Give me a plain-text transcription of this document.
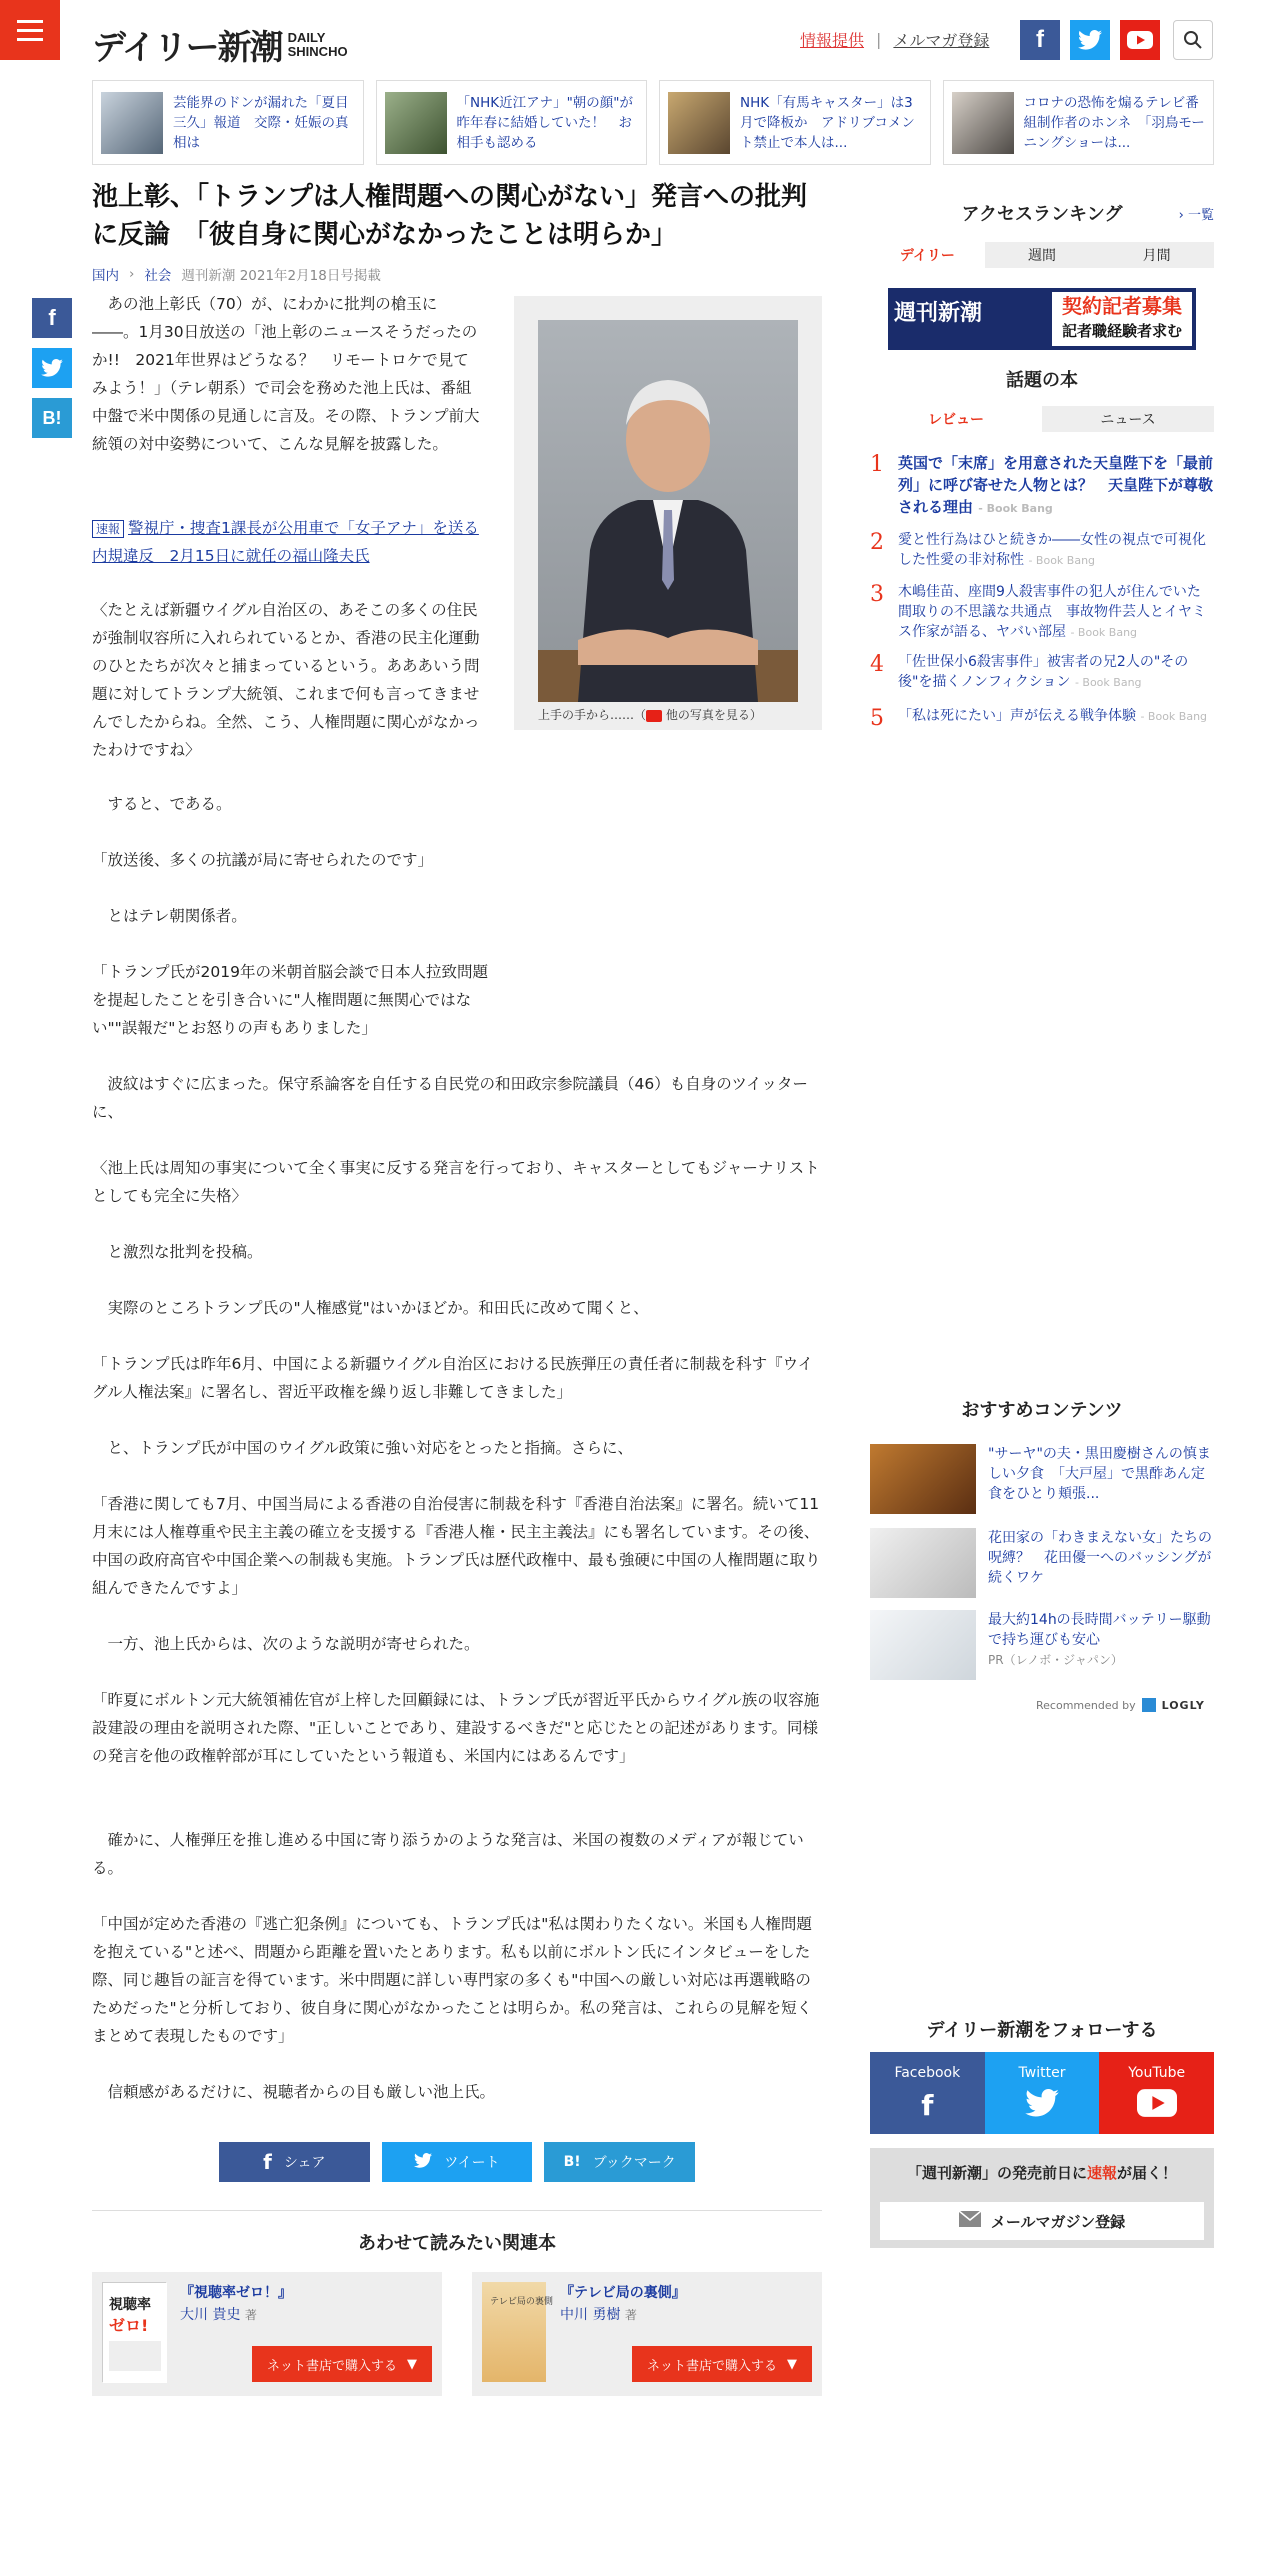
デイリー新潮 DAILY
SHINCHO
情報提供 | メルマガ登録	f
芸能界のドンが漏れた「夏目三久」報道　交際・妊娠の真相は
「NHK近江アナ」"朝の顔"が昨年春に結婚していた！　お相手も認める
NHK「有馬キャスター」は3月で降板か　アドリブコメント禁止で本人は...
コロナの恐怖を煽るテレビ番組制作者のホンネ　「羽鳥モーニングショーは...
f
B!
池上彰、「トランプは人権問題への関心がない」発言への批判に反論　「彼自身に関心がなかったことは明らか」
国内 › 社会 週刊新潮 2021年2月18日号掲載
上手の手から……（ 他の写真を見る）

　あの池上彰氏（70）が、にわかに批判の槍玉に――。1月30日放送の「池上彰のニュースそうだったのか!!　2021年世界はどうなる？　リモートロケで見てみよう！」（テレ朝系）で司会を務めた池上氏は、番組中盤で米中関係の見通しに言及。その際、トランプ前大統領の対中姿勢について、こんな見解を披露した。

速報 警視庁・捜査1課長が公用車で「女子アナ」を送る内規違反　2月15日に就任の福山隆夫氏

〈たとえば新疆ウイグル自治区の、あそこの多くの住民が強制収容所に入れられているとか、香港の民主化運動のひとたちが次々と捕まっているという。あああいう問題に対してトランプ大統領、これまで何も言ってきませんでしたからね。全然、こう、人権問題に関心がなかったわけですね〉

　すると、である。

「放送後、多くの抗議が局に寄せられたのです」

　とはテレ朝関係者。

「トランプ氏が2019年の米朝首脳会談で日本人拉致問題を提起したことを引き合いに"人権問題に無関心ではない""誤報だ"とお怒りの声もありました」

　波紋はすぐに広まった。保守系論客を自任する自民党の和田政宗参院議員（46）も自身のツイッターに、

〈池上氏は周知の事実について全く事実に反する発言を行っており、キャスターとしてもジャーナリストとしても完全に失格〉

　と激烈な批判を投稿。

　実際のところトランプ氏の"人権感覚"はいかほどか。和田氏に改めて聞くと、

「トランプ氏は昨年6月、中国による新疆ウイグル自治区における民族弾圧の責任者に制裁を科す『ウイグル人権法案』に署名し、習近平政権を繰り返し非難してきました」

　と、トランプ氏が中国のウイグル政策に強い対応をとったと指摘。さらに、

「香港に関しても7月、中国当局による香港の自治侵害に制裁を科す『香港自治法案』に署名。続いて11月末には人権尊重や民主主義の確立を支援する『香港人権・民主主義法』にも署名しています。その後、中国の政府高官や中国企業への制裁も実施。トランプ氏は歴代政権中、最も強硬に中国の人権問題に取り組んできたんですよ」

　一方、池上氏からは、次のような説明が寄せられた。

「昨夏にボルトン元大統領補佐官が上梓した回顧録には、トランプ氏が習近平氏からウイグル族の収容施設建設の理由を説明された際、"正しいことであり、建設するべきだ"と応じたとの記述があります。同様の発言を他の政権幹部が耳にしていたという報道も、米国内にはあるんです」

　確かに、人権弾圧を推し進める中国に寄り添うかのような発言は、米国の複数のメディアが報じている。

「中国が定めた香港の『逃亡犯条例』についても、トランプ氏は"私は関わりたくない。米国も人権問題を抱えている"と述べ、問題から距離を置いたとあります。私も以前にボルトン氏にインタビューをした際、同じ趣旨の証言を得ています。米中問題に詳しい専門家の多くも"中国への厳しい対応は再選戦略のためだった"と分析しており、彼自身に関心がなかったことは明らか。私の発言は、これらの見解を短くまとめて表現したものです」

　信頼感があるだけに、視聴者からの目も厳しい池上氏。

f シェア	ツイート	B! ブックマーク
あわせて読みたい関連本
視聴率
ゼロ!
『視聴率ゼロ！』
大川 貴史 著
ネット書店で購入する ▼
テレビ局の裏側
『テレビ局の裏側』
中川 勇樹 著
ネット書店で購入する ▼
アクセスランキング	› 一覧
デイリー	週間	月間
週刊新潮	契約記者募集
記者職経験者求む
話題の本
レビュー	ニュース
1 英国で「末席」を用意された天皇陛下を「最前列」に呼び寄せた人物とは？　天皇陛下が尊敬される理由 - Book Bang
2	愛と性行為はひと続きか――女性の視点で可視化した性愛の非対称性 - Book Bang
3	木嶋佳苗、座間9人殺害事件の犯人が住んでいた間取りの不思議な共通点　事故物件芸人とイヤミス作家が語る、ヤバい部屋 - Book Bang
4	「佐世保小6殺害事件」被害者の兄2人の"その後"を描くノンフィクション - Book Bang
5	「私は死にたい」声が伝える戦争体験 - Book Bang
おすすめコンテンツ
"サーヤ"の夫・黒田慶樹さんの慎ましい夕食　「大戸屋」で黒酢あん定食をひとり頬張...
花田家の「わきまえない女」たちの呪縛？　花田優一へのバッシングが続くワケ
最大約14hの長時間バッテリー駆動で持ち運びも安心
PR（レノボ・ジャパン）
Recommended by LOGLY
デイリー新潮をフォローする
Facebook
f
Twitter	YouTube
「週刊新潮」の発売前日に速報が届く！
メールマガジン登録
